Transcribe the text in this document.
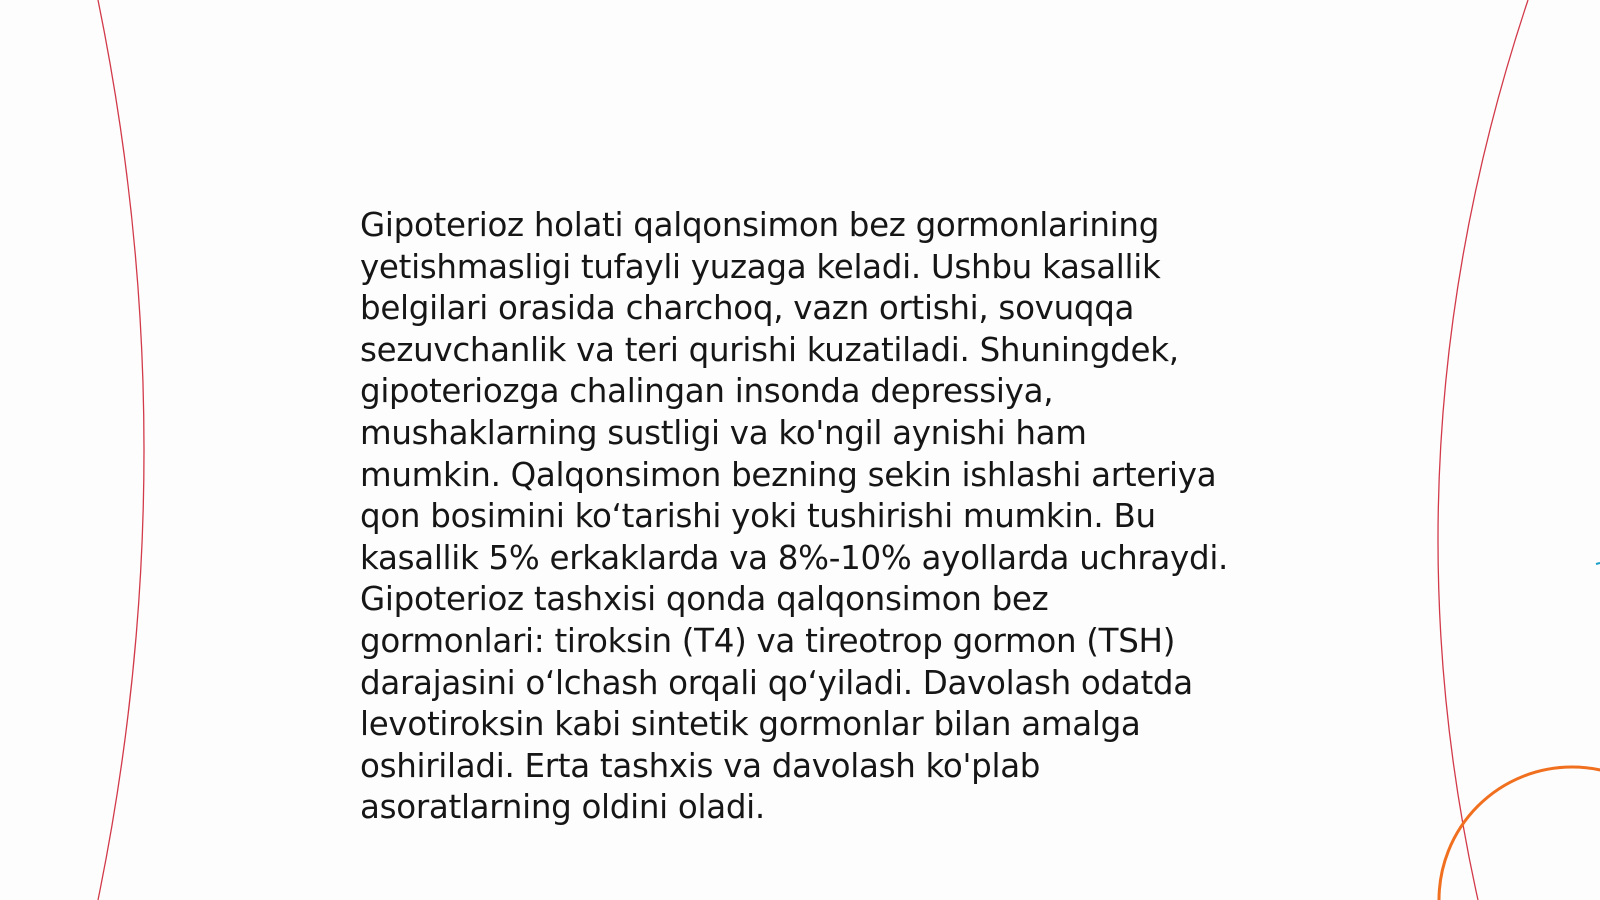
Gipoterioz holati qalqonsimon bez gormonlarining
yetishmasligi tufayli yuzaga keladi. Ushbu kasallik
belgilari orasida charchoq, vazn ortishi, sovuqqa
sezuvchanlik va teri qurishi kuzatiladi. Shuningdek,
gipoteriozga chalingan insonda depressiya,
mushaklarning sustligi va ko'ngil aynishi ham
mumkin. Qalqonsimon bezning sekin ishlashi arteriya
qon bosimini ko‘tarishi yoki tushirishi mumkin. Bu
kasallik 5% erkaklarda va 8%-10% ayollarda uchraydi.
Gipoterioz tashxisi qonda qalqonsimon bez
gormonlari: tiroksin (T4) va tireotrop gormon (TSH)
darajasini o‘lchash orqali qo‘yiladi. Davolash odatda
levotiroksin kabi sintetik gormonlar bilan amalga
oshiriladi. Erta tashxis va davolash ko'plab
asoratlarning oldini oladi.
